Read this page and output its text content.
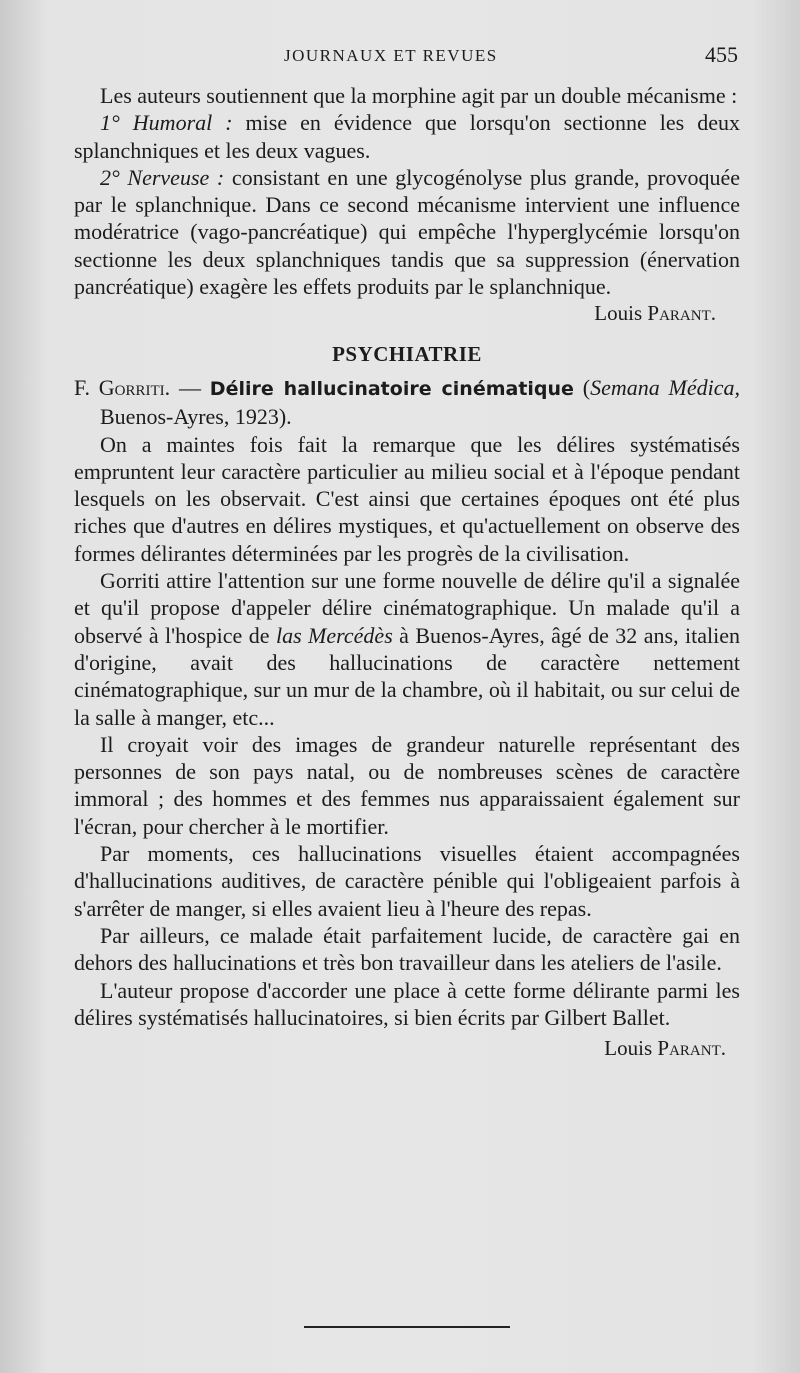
JOURNAUX ET REVUES	455

Les auteurs soutiennent que la morphine agit par un double mécanisme :

1° Humoral : mise en évidence que lorsqu'on sectionne les deux splanchniques et les deux vagues.

2° Nerveuse : consistant en une glycogénolyse plus grande, provoquée par le splanchnique. Dans ce second mécanisme intervient une influence modératrice (vago-pancréatique) qui empêche l'hyperglycémie lorsqu'on sectionne les deux splanchniques tandis que sa suppression (énervation pancréatique) exagère les effets produits par le splanchnique.

Louis Parant.

PSYCHIATRIE

F. Gorriti. — Délire hallucinatoire cinématique (Semana Médica, Buenos-Ayres, 1923).

On a maintes fois fait la remarque que les délires systématisés empruntent leur caractère particulier au milieu social et à l'époque pendant lesquels on les observait. C'est ainsi que certaines époques ont été plus riches que d'autres en délires mystiques, et qu'actuellement on observe des formes délirantes déterminées par les progrès de la civilisation.

Gorriti attire l'attention sur une forme nouvelle de délire qu'il a signalée et qu'il propose d'appeler délire cinématographique. Un malade qu'il a observé à l'hospice de las Mercédès à Buenos-Ayres, âgé de 32 ans, italien d'origine, avait des hallucinations de caractère nettement cinématographique, sur un mur de la chambre, où il habitait, ou sur celui de la salle à manger, etc...

Il croyait voir des images de grandeur naturelle représentant des personnes de son pays natal, ou de nombreuses scènes de caractère immoral ; des hommes et des femmes nus apparaissaient également sur l'écran, pour chercher à le mortifier.

Par moments, ces hallucinations visuelles étaient accompagnées d'hallucinations auditives, de caractère pénible qui l'obligeaient parfois à s'arrêter de manger, si elles avaient lieu à l'heure des repas.

Par ailleurs, ce malade était parfaitement lucide, de caractère gai en dehors des hallucinations et très bon travailleur dans les ateliers de l'asile.

L'auteur propose d'accorder une place à cette forme délirante parmi les délires systématisés hallucinatoires, si bien écrits par Gilbert Ballet.

Louis Parant.
